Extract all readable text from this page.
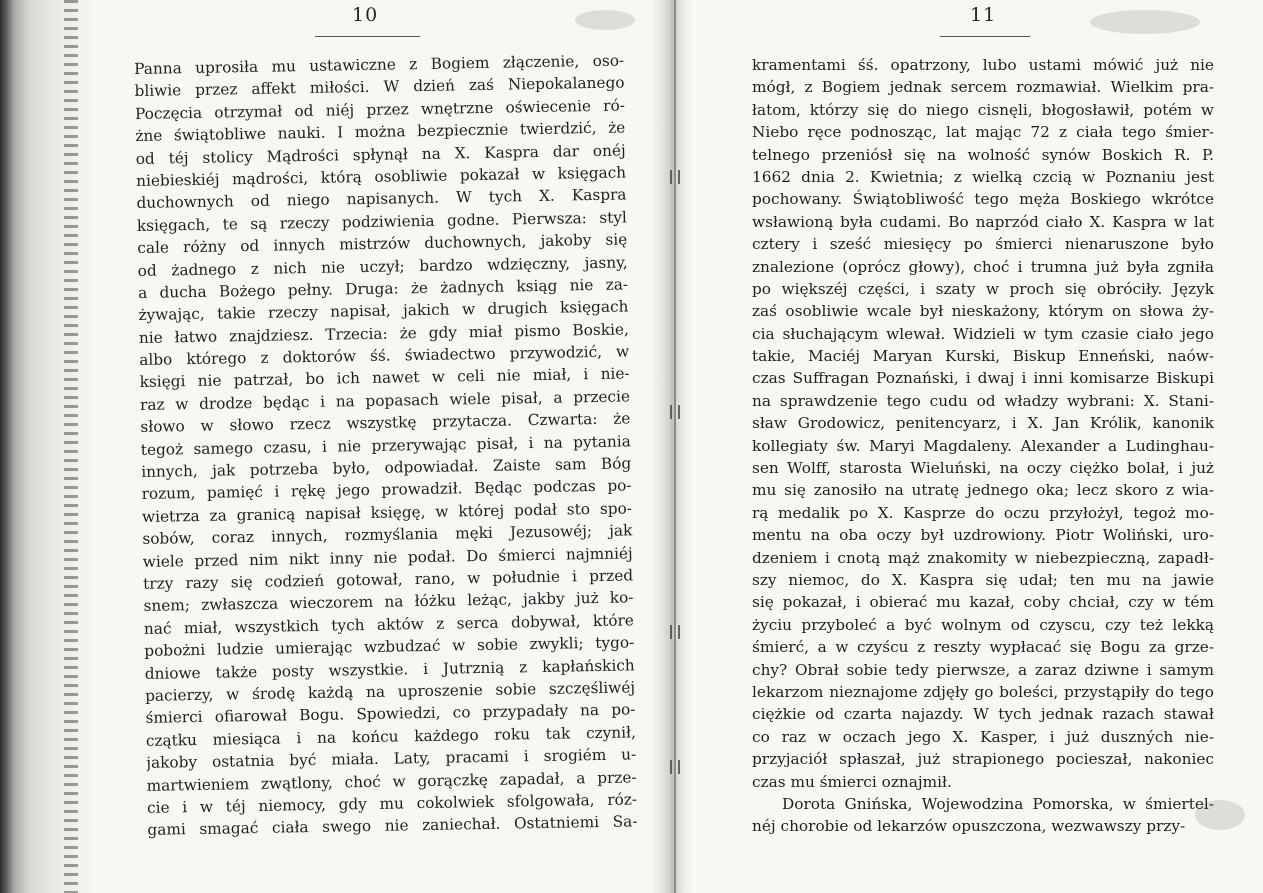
10
Panna uprosiła mu ustawiczne z Bogiem złączenie, oso-
bliwie przez affekt miłości. W dzień zaś Niepokalanego
Poczęcia otrzymał od niéj przez wnętrzne oświecenie ró-
żne świątobliwe nauki. I można bezpiecznie twierdzić, że
od téj stolicy Mądrości spłynął na X. Kaspra dar onéj
niebieskiéj mądrości, którą osobliwie pokazał w księgach
duchownych od niego napisanych. W tych X. Kaspra
księgach, te są rzeczy podziwienia godne. Pierwsza: styl
cale różny od innych mistrzów duchownych, jakoby się
od żadnego z nich nie uczył; bardzo wdzięczny, jasny,
a ducha Bożego pełny. Druga: że żadnych ksiąg nie za-
żywając, takie rzeczy napisał, jakich w drugich księgach
nie łatwo znajdziesz. Trzecia: że gdy miał pismo Boskie,
albo którego z doktorów śś. świadectwo przywodzić, w
księgi nie patrzał, bo ich nawet w celi nie miał, i nie-
raz w drodze będąc i na popasach wiele pisał, a przecie
słowo w słowo rzecz wszystkę przytacza. Czwarta: że
tegoż samego czasu, i nie przerywając pisał, i na pytania
innych, jak potrzeba było, odpowiadał. Zaiste sam Bóg
rozum, pamięć i rękę jego prowadził. Będąc podczas po-
wietrza za granicą napisał księgę, w której podał sto spo-
sobów, coraz innych, rozmyślania męki Jezusowéj; jak
wiele przed nim nikt inny nie podał. Do śmierci najmniéj
trzy razy się codzień gotował, rano, w południe i przed
snem; zwłaszcza wieczorem na łóżku leżąc, jakby już ko-
nać miał, wszystkich tych aktów z serca dobywał, które
pobożni ludzie umierając wzbudzać w sobie zwykli; tygo-
dniowe także posty wszystkie. i Jutrznią z kapłańskich
pacierzy, w środę każdą na uproszenie sobie szczęśliwéj
śmierci ofiarował Bogu. Spowiedzi, co przypadały na po-
czątku miesiąca i na końcu każdego roku tak czynił,
jakoby ostatnia być miała. Laty, pracami i srogiém u-
martwieniem zwątlony, choć w gorączkę zapadał, a prze-
cie i w téj niemocy, gdy mu cokolwiek sfolgowała, róz-
gami smagać ciała swego nie zaniechał. Ostatniemi Sa-
11
kramentami śś. opatrzony, lubo ustami mówić już nie
mógł, z Bogiem jednak sercem rozmawiał. Wielkim pra-
łatom, którzy się do niego cisnęli, błogosławił, potém w
Niebo ręce podnosząc, lat mając 72 z ciała tego śmier-
telnego przeniósł się na wolność synów Boskich R. P.
1662 dnia 2. Kwietnia; z wielką czcią w Poznaniu jest
pochowany. Świątobliwość tego męża Boskiego wkrótce
wsławioną była cudami. Bo naprzód ciało X. Kaspra w lat
cztery i sześć miesięcy po śmierci nienaruszone było
znalezione (oprócz głowy), choć i trumna już była zgniła
po większéj części, i szaty w proch się obróciły. Język
zaś osobliwie wcale był nieskażony, którym on słowa ży-
cia słuchającym wlewał. Widzieli w tym czasie ciało jego
takie, Maciéj Maryan Kurski, Biskup Enneński, naów-
czas Suffragan Poznański, i dwaj i inni komisarze Biskupi
na sprawdzenie tego cudu od władzy wybrani: X. Stani-
sław Grodowicz, penitencyarz, i X. Jan Królik, kanonik
kollegiaty św. Maryi Magdaleny. Alexander a Ludinghau-
sen Wolff, starosta Wieluński, na oczy ciężko bolał, i już
mu się zanosiło na utratę jednego oka; lecz skoro z wia-
rą medalik po X. Kasprze do oczu przyłożył, tegoż mo-
mentu na oba oczy był uzdrowiony. Piotr Woliński, uro-
dzeniem i cnotą mąż znakomity w niebezpieczną, zapadł-
szy niemoc, do X. Kaspra się udał; ten mu na jawie
się pokazał, i obierać mu kazał, coby chciał, czy w tém
życiu przyboleć a być wolnym od czyscu, czy też lekką
śmierć, a w czyścu z reszty wypłacać się Bogu za grze-
chy? Obrał sobie tedy pierwsze, a zaraz dziwne i samym
lekarzom nieznajome zdjęły go boleści, przystąpiły do tego
ciężkie od czarta najazdy. W tych jednak razach stawał
co raz w oczach jego X. Kasper, i już duszných nie-
przyjaciół spłaszał, już strapionego pocieszał, nakoniec
czas mu śmierci oznajmił.
Dorota Gnińska, Wojewodzina Pomorska, w śmiertel-
néj chorobie od lekarzów opuszczona, wezwawszy przy-
